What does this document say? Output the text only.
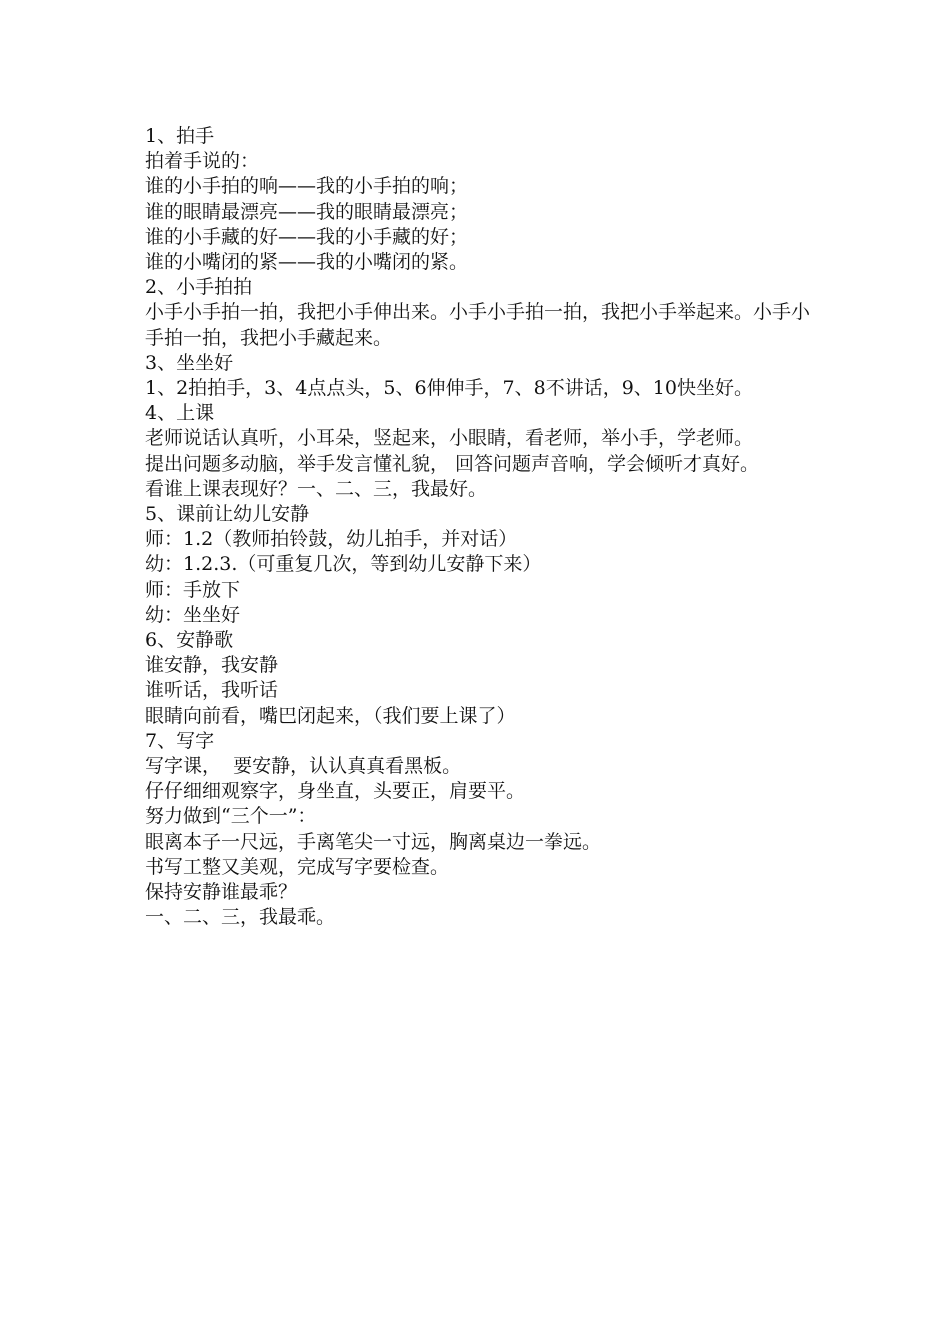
1、拍手

拍着手说的：

谁的小手拍的响——我的小手拍的响；

谁的眼睛最漂亮——我的眼睛最漂亮；

谁的小手藏的好——我的小手藏的好；

谁的小嘴闭的紧——我的小嘴闭的紧。

2、小手拍拍

小手小手拍一拍，我把小手伸出来。小手小手拍一拍，我把小手举起来。小手小手拍一拍，我把小手藏起来。

3、坐坐好

1、2拍拍手，3、4点点头，5、6伸伸手，7、8不讲话，9、10快坐好。

4、上课

老师说话认真听，小耳朵，竖起来，小眼睛，看老师，举小手，学老师。

提出问题多动脑，举手发言懂礼貌， 回答问题声音响，学会倾听才真好。

看谁上课表现好？一、二、三，我最好。

5、课前让幼儿安静

师：1.2（教师拍铃鼓，幼儿拍手，并对话）

幼：1.2.3.（可重复几次，等到幼儿安静下来）

师：手放下

幼：坐坐好

6、安静歌

谁安静，我安静

谁听话，我听话

眼睛向前看，嘴巴闭起来，（我们要上课了）

7、写字

写字课，  要安静，认认真真看黑板。

仔仔细细观察字，身坐直，头要正，肩要平。

努力做到“三个一”：

眼离本子一尺远，手离笔尖一寸远，胸离桌边一拳远。

书写工整又美观，完成写字要检查。

保持安静谁最乖？

一、二、三，我最乖。
